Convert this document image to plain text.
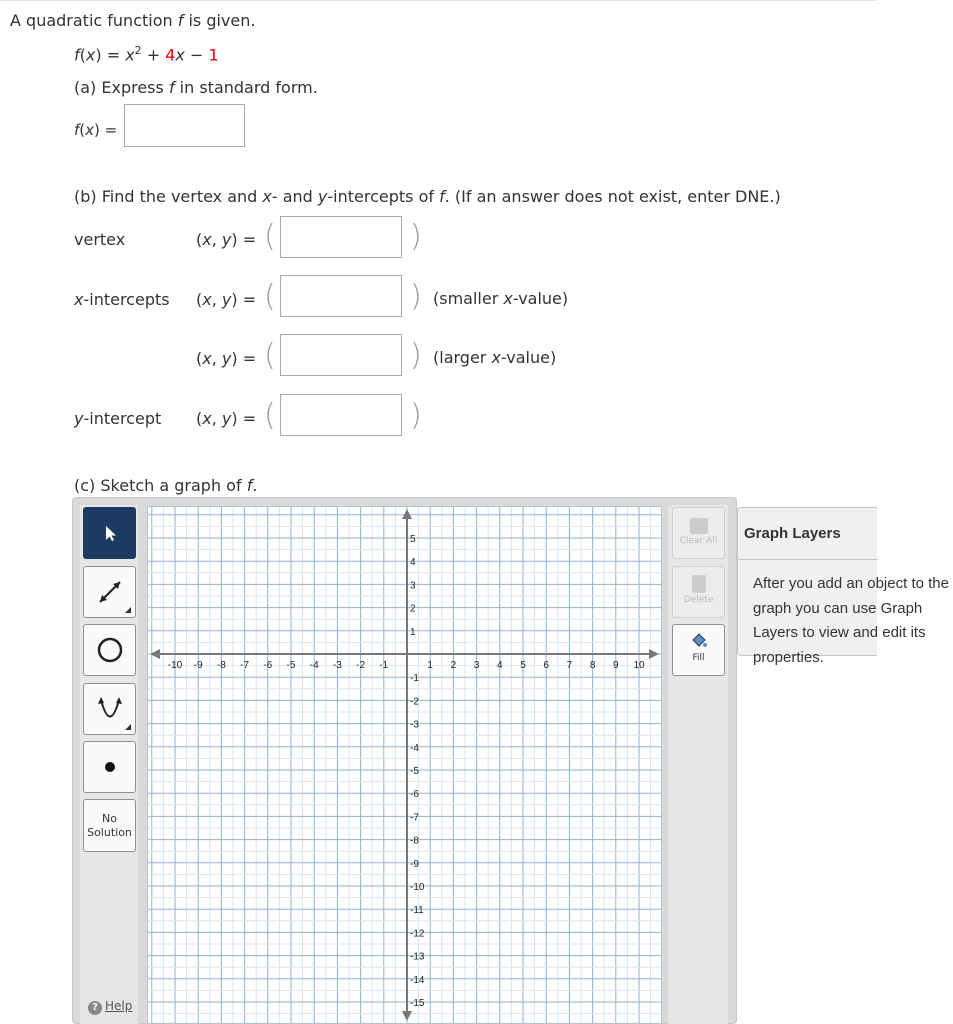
A quadratic function f is given.
$f(x) = x^2 + 4x - 1$
(a) Express f in standard form.
f(x) =
(b) Find the vertex and x- and y-intercepts of f. (If an answer does not exist, enter DNE.)
vertex	(x, y) = (	)
x-intercepts (x, y) = (	) (smaller x-value)
(x, y) = (	) (larger x-value)
y-intercept (x, y) = (	)
(c) Sketch a graph of f.
No
Solution
? Help
-10 -9 -8 -7 -6 -5 -4 -3 -2 -1	1 2 3 4 5 6 7 8 9 10
5
4
3
2
1
-1
-2
-3
-4
-5
-6
-7
-8
-9
-10
-11
-12
-13
-14
-15
Clear All
Delete
Fill
Graph Layers
After you add an object to the graph you can use Graph Layers to view and edit its properties.
